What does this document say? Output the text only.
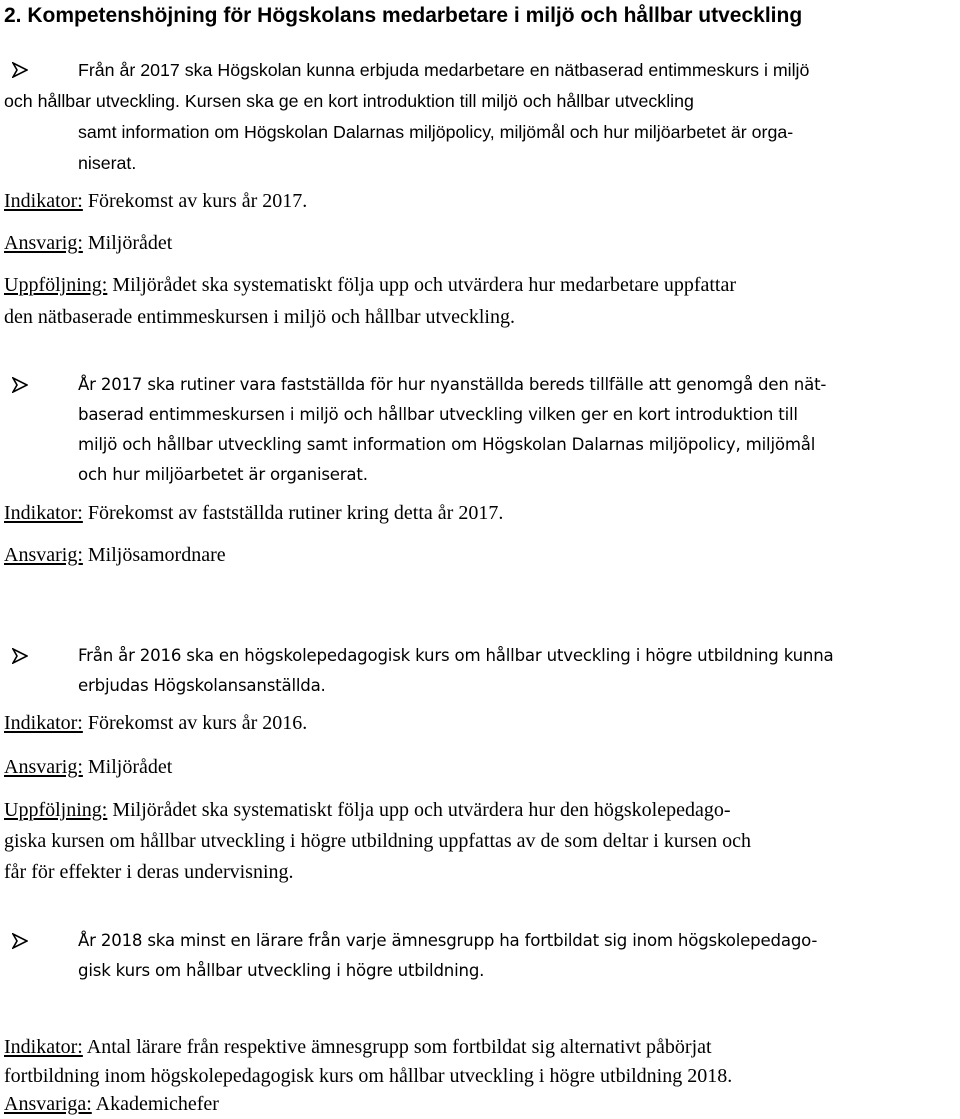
2. Kompetenshöjning för Högskolans medarbetare i miljö och hållbar utveckling

Från år 2017 ska Högskolan kunna erbjuda medarbetare en nätbaserad entimmeskurs i miljö

och hållbar utveckling. Kursen ska ge en kort introduktion till miljö och hållbar utveckling

samt information om Högskolan Dalarnas miljöpolicy, miljömål och hur miljöarbetet är orga-

niserat.

Indikator: Förekomst av kurs år 2017.

Ansvarig: Miljörådet

Uppföljning: Miljörådet ska systematiskt följa upp och utvärdera hur medarbetare uppfattar

den nätbaserade entimmeskursen i miljö och hållbar utveckling.

År 2017 ska rutiner vara fastställda för hur nyanställda bereds tillfälle att genomgå den nät-

baserad entimmeskursen i miljö och hållbar utveckling vilken ger en kort introduktion till

miljö och hållbar utveckling samt information om Högskolan Dalarnas miljöpolicy, miljömål

och hur miljöarbetet är organiserat.

Indikator: Förekomst av fastställda rutiner kring detta år 2017.

Ansvarig: Miljösamordnare

Från år 2016 ska en högskolepedagogisk kurs om hållbar utveckling i högre utbildning kunna

erbjudas Högskolansanställda.

Indikator: Förekomst av kurs år 2016.

Ansvarig: Miljörådet

Uppföljning: Miljörådet ska systematiskt följa upp och utvärdera hur den högskolepedago-

giska kursen om hållbar utveckling i högre utbildning uppfattas av de som deltar i kursen och

får för effekter i deras undervisning.

År 2018 ska minst en lärare från varje ämnesgrupp ha fortbildat sig inom högskolepedago-

gisk kurs om hållbar utveckling i högre utbildning.

Indikator: Antal lärare från respektive ämnesgrupp som fortbildat sig alternativt påbörjat

fortbildning inom högskolepedagogisk kurs om hållbar utveckling i högre utbildning 2018.

Ansvariga: Akademichefer
